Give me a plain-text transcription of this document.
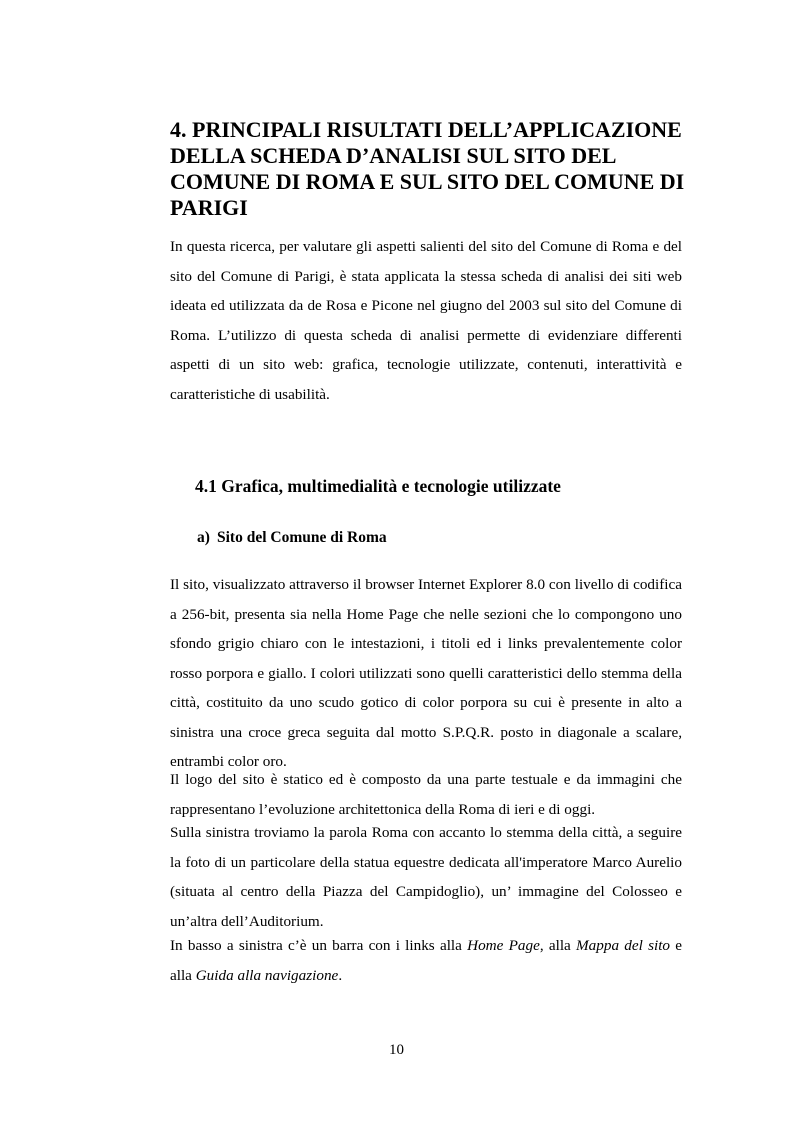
4. PRINCIPALI RISULTATI DELL’APPLICAZIONE DELLA SCHEDA D’ANALISI SUL SITO DEL COMUNE DI ROMA E SUL SITO DEL COMUNE DI PARIGI

In questa ricerca, per valutare gli aspetti salienti del sito del Comune di Roma e del sito del Comune di Parigi, è stata applicata la stessa scheda di analisi dei siti web ideata ed utilizzata da de Rosa e Picone nel giugno del 2003 sul sito del Comune di Roma. L’utilizzo di questa scheda di analisi permette di evidenziare differenti aspetti di un sito web: grafica, tecnologie utilizzate, contenuti, interattività e caratteristiche di usabilità.

4.1 Grafica, multimedialità e tecnologie utilizzate
a) Sito del Comune di Roma

Il sito, visualizzato attraverso il browser Internet Explorer 8.0 con livello di codifica a 256-bit, presenta sia nella Home Page che nelle sezioni che lo compongono uno sfondo grigio chiaro con le intestazioni, i titoli ed i links prevalentemente color rosso porpora e giallo. I colori utilizzati sono quelli caratteristici dello stemma della città, costituito da uno scudo gotico di color porpora su cui è presente in alto a sinistra una croce greca seguita dal motto S.P.Q.R. posto in diagonale a scalare, entrambi color oro.

Il logo del sito è statico ed è composto da una parte testuale e da immagini che rappresentano l’evoluzione architettonica della Roma di ieri e di oggi.

Sulla sinistra troviamo la parola Roma con accanto lo stemma della città, a seguire la foto di un particolare della statua equestre dedicata all'imperatore Marco Aurelio (situata al centro della Piazza del Campidoglio), un’ immagine del Colosseo e un’altra dell’Auditorium.

In basso a sinistra c’è un barra con i links alla Home Page, alla Mappa del sito e alla Guida alla navigazione.

10
